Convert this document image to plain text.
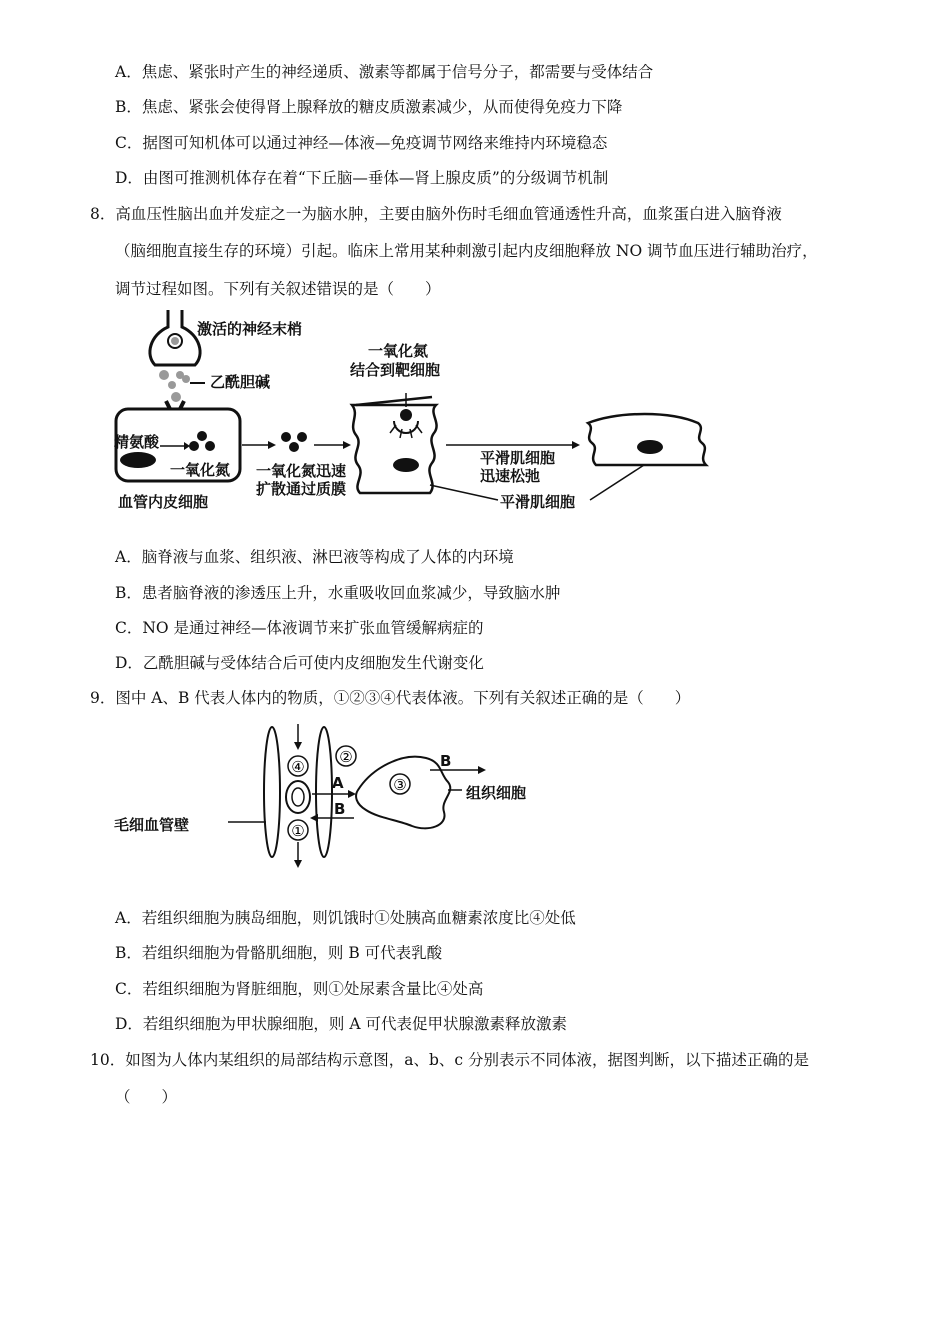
A．焦虑、紧张时产生的神经递质、激素等都属于信号分子，都需要与受体结合
B．焦虑、紧张会使得肾上腺释放的糖皮质激素减少，从而使得免疫力下降
C．据图可知机体可以通过神经—体液—免疫调节网络来维持内环境稳态
D．由图可推测机体存在着“下丘脑—垂体—肾上腺皮质”的分级调节机制
8．高血压性脑出血并发症之一为脑水肿，主要由脑外伤时毛细血管通透性升高，血浆蛋白进入脑脊液
（脑细胞直接生存的环境）引起。临床上常用某种刺激引起内皮细胞释放 NO 调节血压进行辅助治疗，
调节过程如图。下列有关叙述错误的是（　　）
激活的神经末梢
乙酰胆碱
精氨酸
一氧化氮
血管内皮细胞
一氧化氮迅速
扩散通过质膜
一氧化氮
结合到靶细胞
平滑肌细胞
迅速松弛
平滑肌细胞
A．脑脊液与血浆、组织液、淋巴液等构成了人体的内环境
B．患者脑脊液的渗透压上升，水重吸收回血浆减少，导致脑水肿
C．NO 是通过神经—体液调节来扩张血管缓解病症的
D．乙酰胆碱与受体结合后可使内皮细胞发生代谢变化
9．图中 A、B 代表人体内的物质，①②③④代表体液。下列有关叙述正确的是（　　）
④
①
②
A
B
③
B
组织细胞
毛细血管壁
A．若组织细胞为胰岛细胞，则饥饿时①处胰高血糖素浓度比④处低
B．若组织细胞为骨骼肌细胞，则 B 可代表乳酸
C．若组织细胞为肾脏细胞，则①处尿素含量比④处高
D．若组织细胞为甲状腺细胞，则 A 可代表促甲状腺激素释放激素
10．如图为人体内某组织的局部结构示意图，a、b、c 分别表示不同体液，据图判断，以下描述正确的是
（　　）
